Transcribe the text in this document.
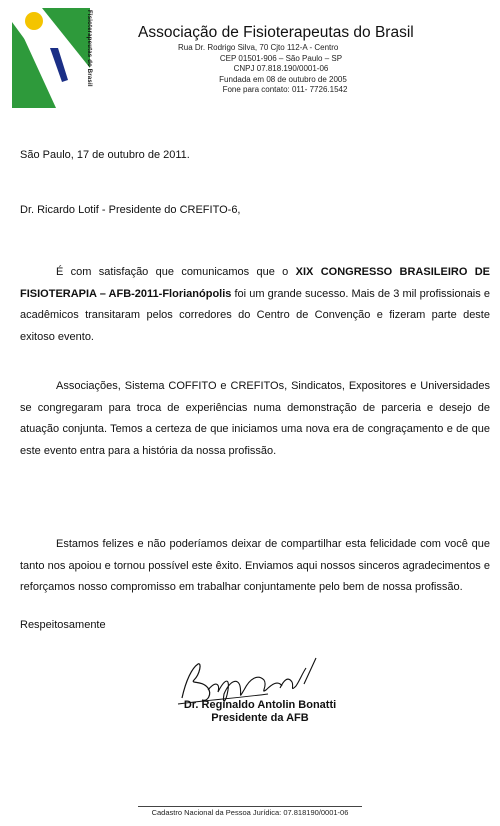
afB
Fisioterapeutas do Brasil	Associação de Fisioterapeutas do Brasil
Rua Dr. Rodrigo Silva, 70 Cjto 112-A - Centro
CEP 01501-906 – São Paulo – SP
CNPJ 07.818.190/0001-06
Fundada em 08 de outubro de 2005
Fone para contato: 011- 7726.1542
São Paulo, 17 de outubro de 2011.
Dr. Ricardo Lotif - Presidente do CREFITO-6,
É com satisfação que comunicamos que o XIX CONGRESSO BRASILEIRO DE FISIOTERAPIA – AFB-2011-Florianópolis foi um grande sucesso. Mais de 3 mil profissionais e acadêmicos transitaram pelos corredores do Centro de Convenção e fizeram parte deste exitoso evento.
Associações, Sistema COFFITO e CREFITOs, Sindicatos, Expositores e Universidades se congregaram para troca de experiências numa demonstração de parceria e desejo de atuação conjunta. Temos a certeza de que iniciamos uma nova era de congraçamento e de que este evento entra para a história da nossa profissão.
Estamos felizes e não poderíamos deixar de compartilhar esta felicidade com você que tanto nos apoiou e tornou possível este êxito. Enviamos aqui nossos sinceros agradecimentos e reforçamos nosso compromisso em trabalhar conjuntamente pelo bem de nossa profissão.
Respeitosamente
Dr. Reginaldo Antolin Bonatti
Presidente da AFB
Cadastro Nacional da Pessoa Jurídica: 07.818190/0001-06
